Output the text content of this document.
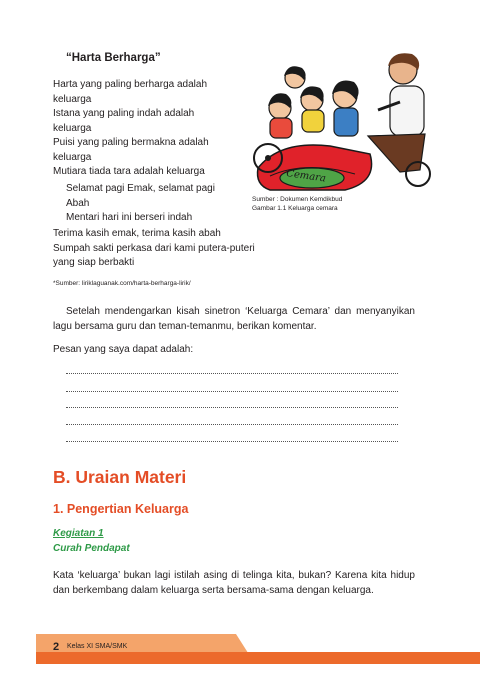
“Harta Berharga”
Harta yang paling berharga adalah
keluarga
Istana yang paling indah adalah
keluarga
Puisi yang paling bermakna adalah
keluarga
Mutiara tiada tara adalah keluarga
Selamat pagi Emak, selamat pagi
Abah
Mentari hari ini berseri indah
Terima kasih emak, terima kasih abah
Sumpah sakti perkasa dari kami putera-puteri
yang siap berbakti
*Sumber: liriklaguanak.com/harta-berharga-lirik/
Cemara
Sumber : Dokumen Kemdikbud
Gambar 1.1 Keluarga cemara
Setelah mendengarkan kisah sinetron ‘Keluarga Cemara’ dan menyanyikan lagu bersama guru dan teman-temanmu, berikan komentar.
Pesan yang saya dapat adalah:
B. Uraian Materi
1. Pengertian Keluarga
Kegiatan 1
Curah Pendapat
Kata ‘keluarga’ bukan lagi istilah asing di telinga kita, bukan? Karena kita hidup dan berkembang dalam keluarga serta bersama-sama dengan keluarga.
2 Kelas XI SMA/SMK
